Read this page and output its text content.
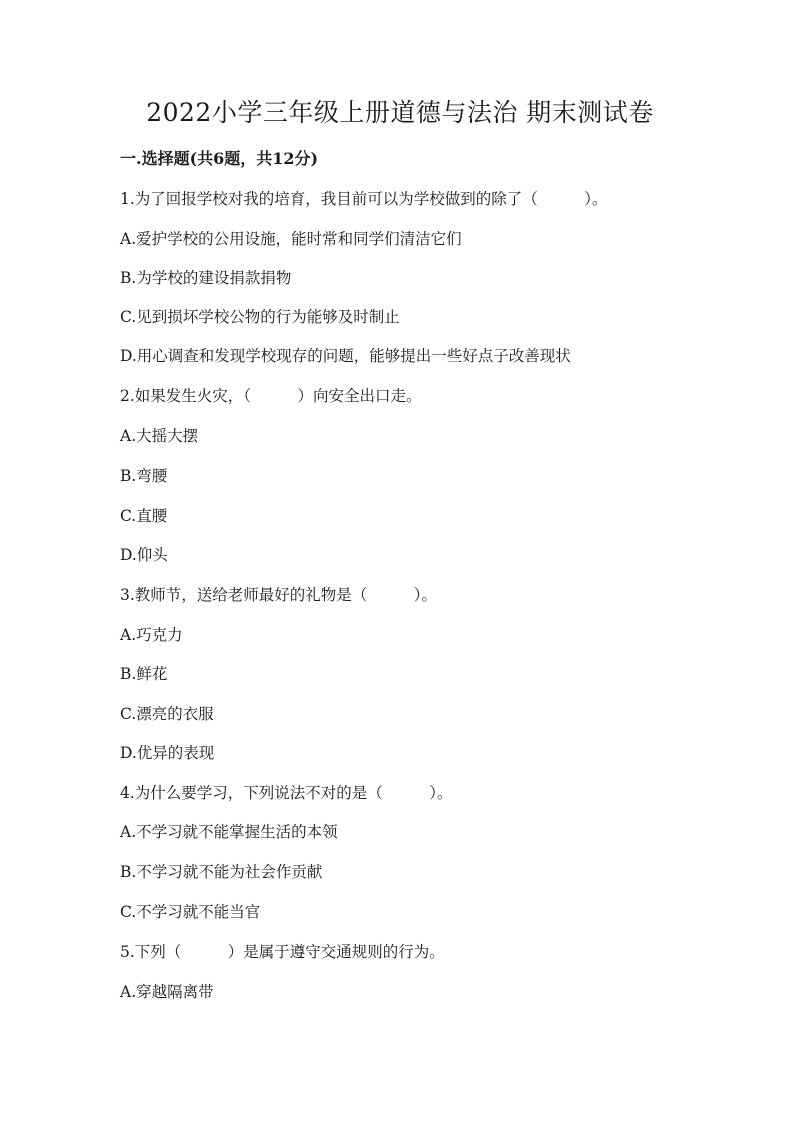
2022小学三年级上册道德与法治 期末测试卷
一.选择题(共6题，共12分)

1.为了回报学校对我的培育，我目前可以为学校做到的除了（　　　）。

A.爱护学校的公用设施，能时常和同学们清洁它们

B.为学校的建设捐款捐物

C.见到损坏学校公物的行为能够及时制止

D.用心调查和发现学校现存的问题，能够提出一些好点子改善现状

2.如果发生火灾，（　　　）向安全出口走。

A.大摇大摆

B.弯腰

C.直腰

D.仰头

3.教师节，送给老师最好的礼物是（　　　）。

A.巧克力

B.鲜花

C.漂亮的衣服

D.优异的表现

4.为什么要学习，下列说法不对的是（　　　）。

A.不学习就不能掌握生活的本领

B.不学习就不能为社会作贡献

C.不学习就不能当官

5.下列（　　　）是属于遵守交通规则的行为。

A.穿越隔离带
